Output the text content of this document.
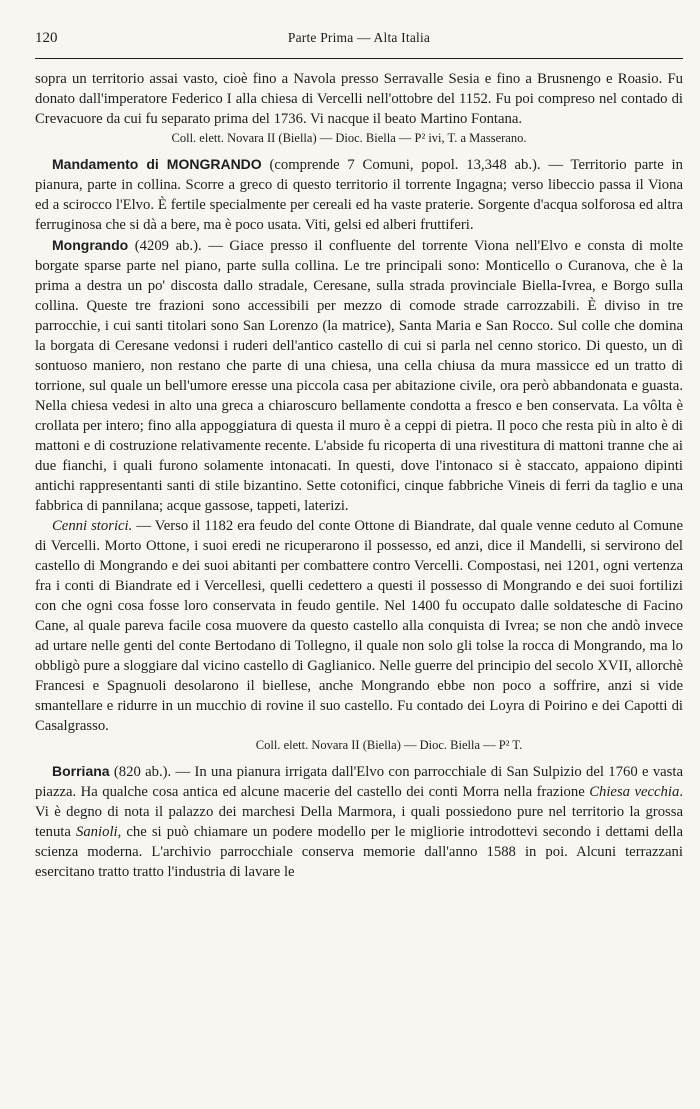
120	Parte Prima — Alta Italia

sopra un territorio assai vasto, cioè fino a Navola presso Serravalle Sesia e fino a Brusnengo e Roasio. Fu donato dall'imperatore Federico I alla chiesa di Vercelli nell'ottobre del 1152. Fu poi compreso nel contado di Crevacuore da cui fu separato prima del 1736. Vi nacque il beato Martino Fontana.

Coll. elett. Novara II (Biella) — Dioc. Biella — P² ivi, T. a Masserano.

Mandamento di MONGRANDO (comprende 7 Comuni, popol. 13,348 ab.). — Territorio parte in pianura, parte in collina. Scorre a greco di questo territorio il torrente Ingagna; verso libeccio passa il Viona ed a scirocco l'Elvo. È fertile specialmente per cereali ed ha vaste praterie. Sorgente d'acqua solforosa ed altra ferruginosa che si dà a bere, ma è poco usata. Viti, gelsi ed alberi fruttiferi.

Mongrando (4209 ab.). — Giace presso il confluente del torrente Viona nell'Elvo e consta di molte borgate sparse parte nel piano, parte sulla collina. Le tre principali sono: Monticello o Curanova, che è la prima a destra un po' discosta dallo stradale, Ceresane, sulla strada provinciale Biella-Ivrea, e Borgo sulla collina. Queste tre frazioni sono accessibili per mezzo di comode strade carrozzabili. È diviso in tre parrocchie, i cui santi titolari sono San Lorenzo (la matrice), Santa Maria e San Rocco. Sul colle che domina la borgata di Ceresane vedonsi i ruderi dell'antico castello di cui si parla nel cenno storico. Di questo, un dì sontuoso maniero, non restano che parte di una chiesa, una cella chiusa da mura massicce ed un tratto di torrione, sul quale un bell'umore eresse una piccola casa per abitazione civile, ora però abbandonata e guasta. Nella chiesa vedesi in alto una greca a chiaroscuro bellamente condotta a fresco e ben conservata. La vôlta è crollata per intero; fino alla appoggiatura di questa il muro è a ceppi di pietra. Il poco che resta più in alto è di mattoni e di costruzione relativamente recente. L'abside fu ricoperta di una rivestitura di mattoni tranne che ai due fianchi, i quali furono solamente intonacati. In questi, dove l'intonaco si è staccato, appaiono dipinti antichi rappresentanti santi di stile bizantino. Sette cotonifici, cinque fabbriche Vineis di ferri da taglio e una fabbrica di pannilana; acque gassose, tappeti, laterizi.

Cenni storici. — Verso il 1182 era feudo del conte Ottone di Biandrate, dal quale venne ceduto al Comune di Vercelli. Morto Ottone, i suoi eredi ne ricuperarono il possesso, ed anzi, dice il Mandelli, si servirono del castello di Mongrando e dei suoi abitanti per combattere contro Vercelli. Compostasi, nei 1201, ogni vertenza fra i conti di Biandrate ed i Vercellesi, quelli cedettero a questi il possesso di Mongrando e dei suoi fortilizi con che ogni cosa fosse loro conservata in feudo gentile. Nel 1400 fu occupato dalle soldatesche di Facino Cane, al quale pareva facile cosa muovere da questo castello alla conquista di Ivrea; se non che andò invece ad urtare nelle genti del conte Bertodano di Tollegno, il quale non solo gli tolse la rocca di Mongrando, ma lo obbligò pure a sloggiare dal vicino castello di Gaglianico. Nelle guerre del principio del secolo XVII, allorchè Francesi e Spagnuoli desolarono il biellese, anche Mongrando ebbe non poco a soffrire, anzi si vide smantellare e ridurre in un mucchio di rovine il suo castello. Fu contado dei Loyra di Poirino e dei Capotti di Casalgrasso.

Coll. elett. Novara II (Biella) — Dioc. Biella — P² T.

Borriana (820 ab.). — In una pianura irrigata dall'Elvo con parrocchiale di San Sulpizio del 1760 e vasta piazza. Ha qualche cosa antica ed alcune macerie del castello dei conti Morra nella frazione Chiesa vecchia. Vi è degno di nota il palazzo dei marchesi Della Marmora, i quali possiedono pure nel territorio la grossa tenuta Sanioli, che si può chiamare un podere modello per le migliorie introdottevi secondo i dettami della scienza moderna. L'archivio parrocchiale conserva memorie dall'anno 1588 in poi. Alcuni terrazzani esercitano tratto tratto l'industria di lavare le
